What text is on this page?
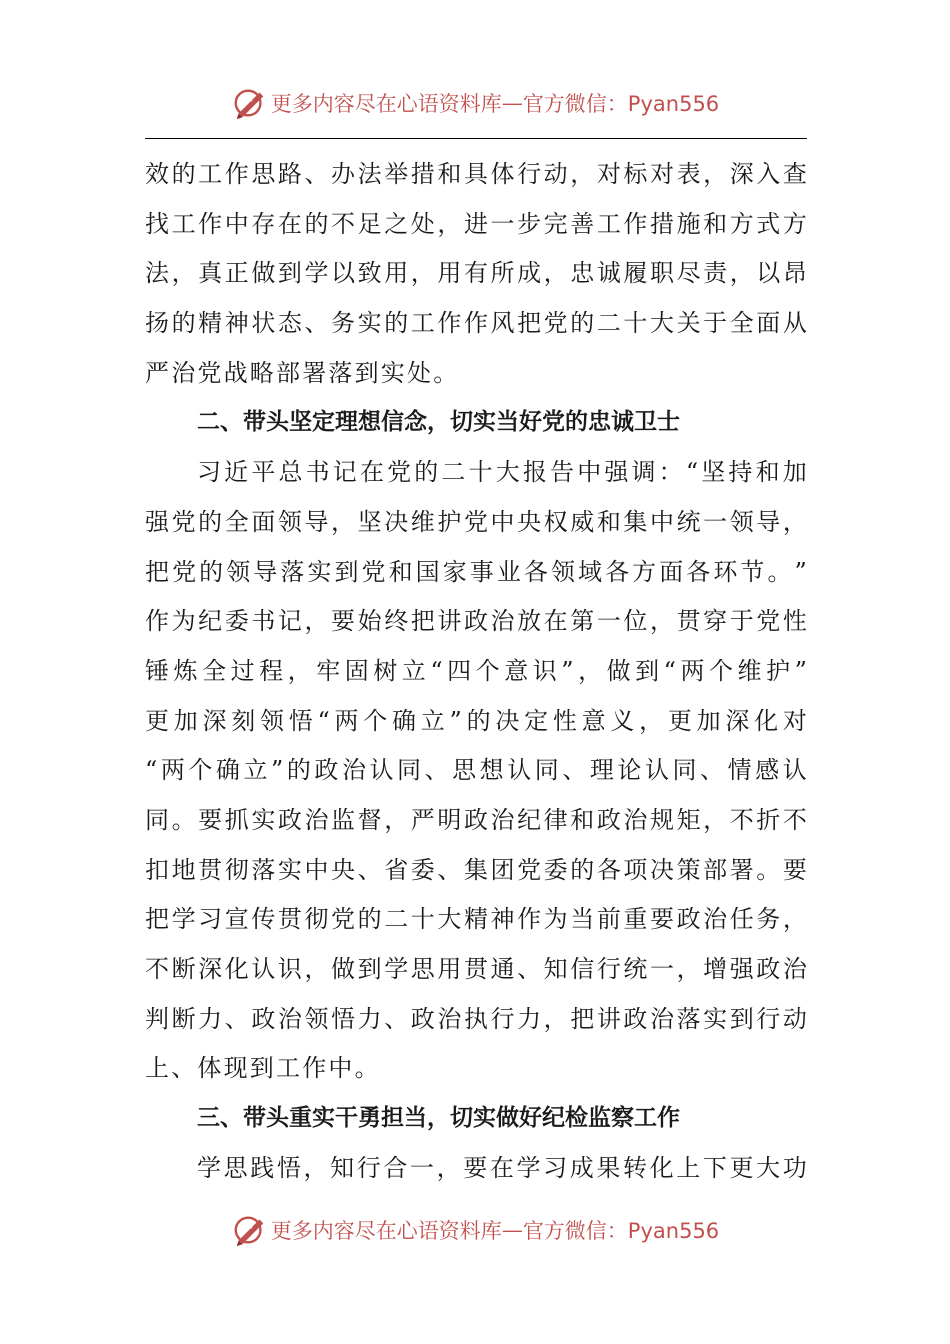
更多内容尽在心语资料库 — 官方微信：Pyan556
效 的 工 作 思 路 、 办 法 举 措 和 具 体 行 动 ， 对 标 对 表 ， 深 入 查
找 工 作 中 存 在 的 不 足 之 处 ， 进 一 步 完 善 工 作 措 施 和 方 式 方
法 ， 真 正 做 到 学 以 致 用 ， 用 有 所 成 ， 忠 诚 履 职 尽 责 ， 以 昂
扬 的 精 神 状 态 、 务 实 的 工 作 作 风 把 党 的 二 十 大 关 于 全 面 从
严治党战略部署落到实处。
二、带头坚定理想信念，切实当好党的忠诚卫士
习 近 平 总 书 记 在 党 的 二 十 大 报 告 中 强 调 ： “ 坚 持 和 加
强 党 的 全 面 领 导 ， 坚 决 维 护 党 中 央 权 威 和 集 中 统 一 领 导 ，
把 党 的 领 导 落 实 到 党 和 国 家 事 业 各 领 域 各 方 面 各 环 节 。 ”
作 为 纪 委 书 记 ， 要 始 终 把 讲 政 治 放 在 第 一 位 ， 贯 穿 于 党 性
锤 炼 全 过 程 ， 牢 固 树 立 “ 四 个 意 识 ” ， 做 到 “ 两 个 维 护 ”
更 加 深 刻 领 悟 “ 两 个 确 立 ” 的 决 定 性 意 义 ， 更 加 深 化 对
“ 两 个 确 立 ” 的 政 治 认 同 、 思 想 认 同 、 理 论 认 同 、 情 感 认
同 。 要 抓 实 政 治 监 督 ， 严 明 政 治 纪 律 和 政 治 规 矩 ， 不 折 不
扣 地 贯 彻 落 实 中 央 、 省 委 、 集 团 党 委 的 各 项 决 策 部 署 。 要
把 学 习 宣 传 贯 彻 党 的 二 十 大 精 神 作 为 当 前 重 要 政 治 任 务 ，
不 断 深 化 认 识 ， 做 到 学 思 用 贯 通 、 知 信 行 统 一 ， 增 强 政 治
判 断 力 、 政 治 领 悟 力 、 政 治 执 行 力 ， 把 讲 政 治 落 实 到 行 动
上、体现到工作中。
三、带头重实干勇担当，切实做好纪检监察工作
学 思 践 悟 ， 知 行 合 一 ， 要 在 学 习 成 果 转 化 上 下 更 大 功
更多内容尽在心语资料库 — 官方微信：Pyan556
